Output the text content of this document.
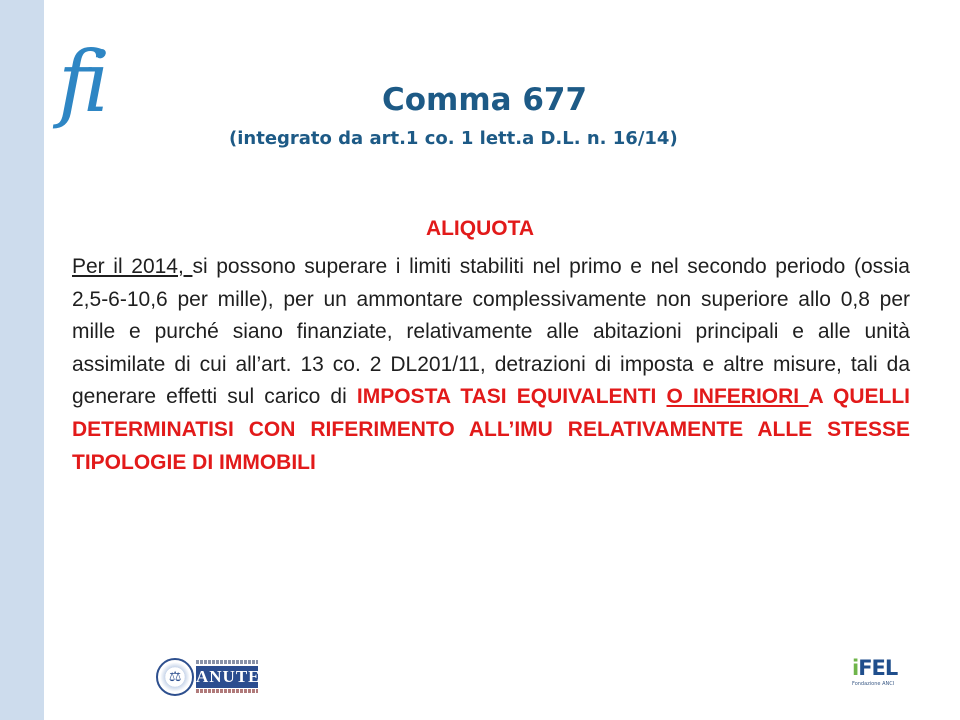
fi	Comma 677
(integrato da art.1 co. 1 lett.a D.L. n. 16/14)
ALIQUOTA
Per il 2014, si possono superare i limiti stabiliti nel primo e nel secondo periodo (ossia 2,5-6-10,6 per mille), per un ammontare complessivamente non superiore allo 0,8 per mille e purché siano finanziate, relativamente alle abitazioni principali e alle unità assimilate di cui all’art. 13 co. 2 DL201/11, detrazioni di imposta e altre misure, tali da generare effetti sul carico di IMPOSTA TASI EQUIVALENTI O INFERIORI A QUELLI DETERMINATISI CON RIFERIMENTO ALL’IMU RELATIVAMENTE ALLE STESSE TIPOLOGIE DI IMMOBILI
⚖ ANUTEL	iFEL
Fondazione ANCI
